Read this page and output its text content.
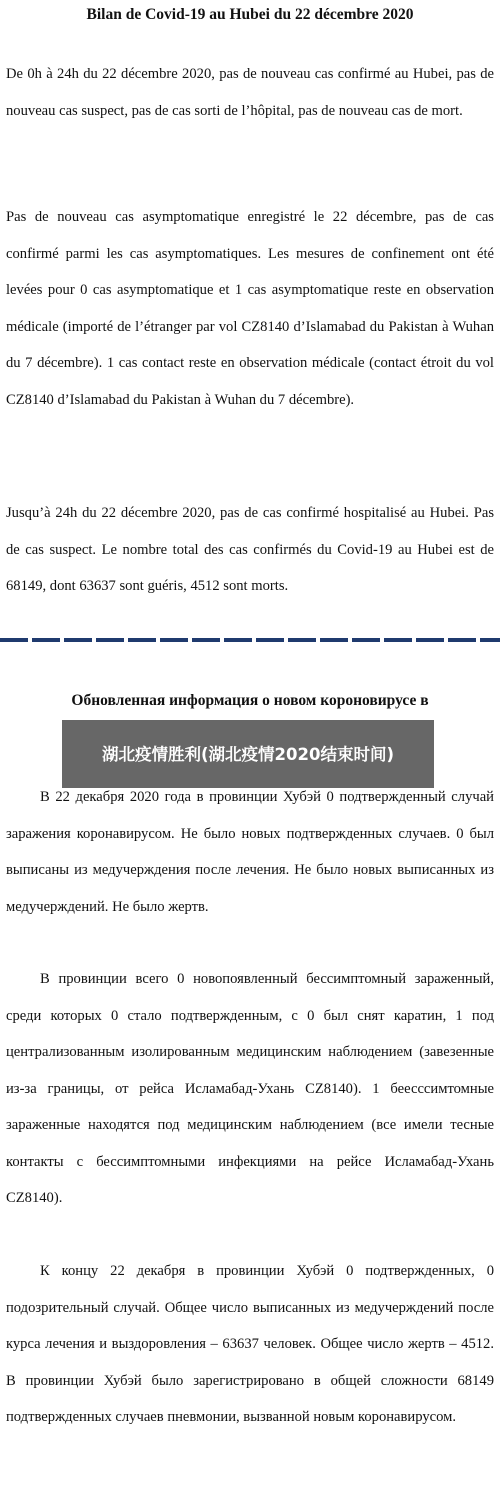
Bilan de Covid-19 au Hubei du 22 décembre 2020

De 0h à 24h du 22 décembre 2020, pas de nouveau cas confirmé au Hubei, pas de nouveau cas suspect, pas de cas sorti de l’hôpital, pas de nouveau cas de mort.

Pas de nouveau cas asymptomatique enregistré le 22 décembre, pas de cas confirmé parmi les cas asymptomatiques. Les mesures de confinement ont été levées pour 0 cas asymptomatique et 1 cas asymptomatique reste en observation médicale (importé de l’étranger par vol CZ8140 d’Islamabad du Pakistan à Wuhan du 7 décembre). 1 cas contact reste en observation médicale (contact étroit du vol CZ8140 d’Islamabad du Pakistan à Wuhan du 7 décembre).

Jusqu’à 24h du 22 décembre 2020, pas de cas confirmé hospitalisé au Hubei. Pas de cas suspect. Le nombre total des cas confirmés du Covid-19 au Hubei est de 68149, dont 63637 sont guéris, 4512 sont morts.

Обновленная информация о новом короновирусе в

В 22 декабря 2020 года в провинции Хубэй 0 подтвержденный случай заражения коронавирусом. Не было новых подтвержденных случаев. 0 был выписаны из медучерждения после лечения. Не было новых выписанных из медучерждений. Не было жертв.

В провинции всего 0 новопоявленный бессимптомный зараженный, среди которых 0 стало подтвержденным, с 0 был снят каратин, 1 под централизованным изолированным медицинским наблюдением (завезенные из-за границы, от рейса Исламабад-Ухань CZ8140). 1 беесссимтомные зараженные находятся под медицинским наблюдением (все имели тесные контакты с бессимптомными инфекциями на рейсе Исламабад-Ухань CZ8140).

К концу 22 декабря в провинции Хубэй 0 подтвержденных, 0 подозрительный случай. Общее число выписанных из медучерждений после курса лечения и выздоровления – 63637 человек. Общее число жертв – 4512. В провинции Хубэй было зарегистрировано в общей сложности 68149 подтвержденных случаев пневмонии, вызванной новым коронавирусом.

湖北疫情胜利(湖北疫情2020结束时间)
